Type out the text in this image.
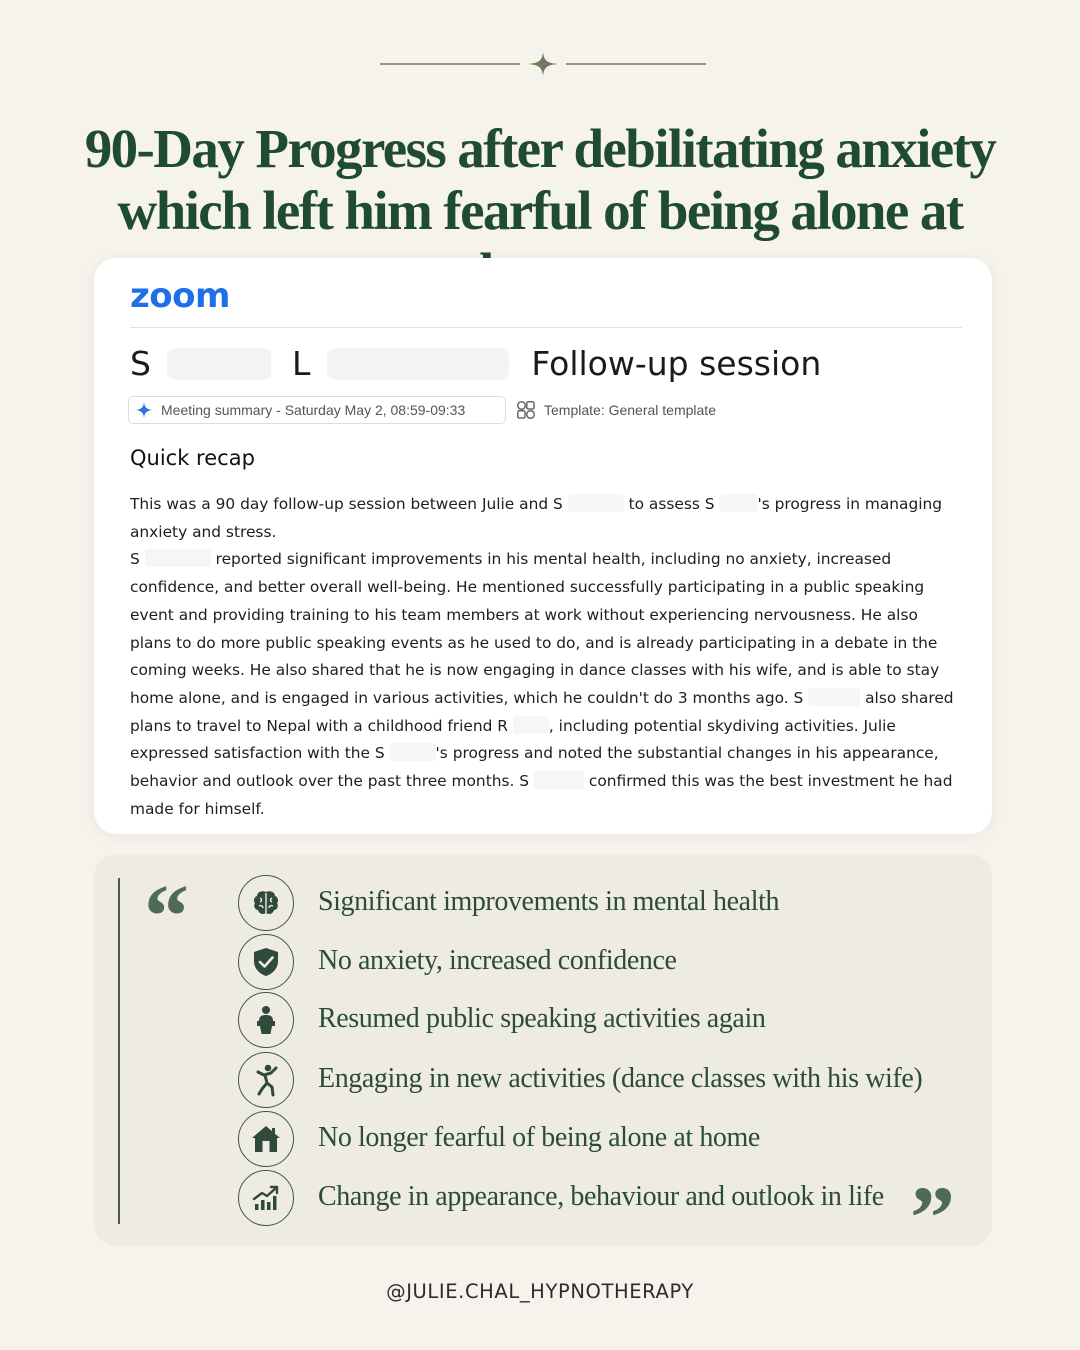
90-Day Progress after debilitating anxiety
which left him fearful of being alone at
zoom
S	L	Follow-up session
Meeting summary - Saturday May 2, 08:59-09:33	Template: General template
Quick recap

This was a 90 day follow-up session between Julie and S	to assess S	's progress in managing anxiety and stress.

S	reported significant improvements in his mental health, including no anxiety, increased confidence, and better overall well-being. He mentioned successfully participating in a public speaking event and providing training to his team members at work without experiencing nervousness. He also plans to do more public speaking events as he used to do, and is already participating in a debate in the coming weeks. He also shared that he is now engaging in dance classes with his wife, and is able to stay home alone, and is engaged in various activities, which he couldn't do 3 months ago. S	also shared plans to travel to Nepal with a childhood friend R	, including potential skydiving activities. Julie expressed satisfaction with the S	's progress and noted the substantial changes in his appearance, behavior and outlook over the past three months. S	confirmed this was the best investment he had made for himself.

“	Significant improvements in mental health
No anxiety, increased confidence
Resumed public speaking activities again
Engaging in new activities (dance classes with his wife)
No longer fearful of being alone at home
Change in appearance, behaviour and outlook in life ”
@JULIE.CHAL_HYPNOTHERAPY
